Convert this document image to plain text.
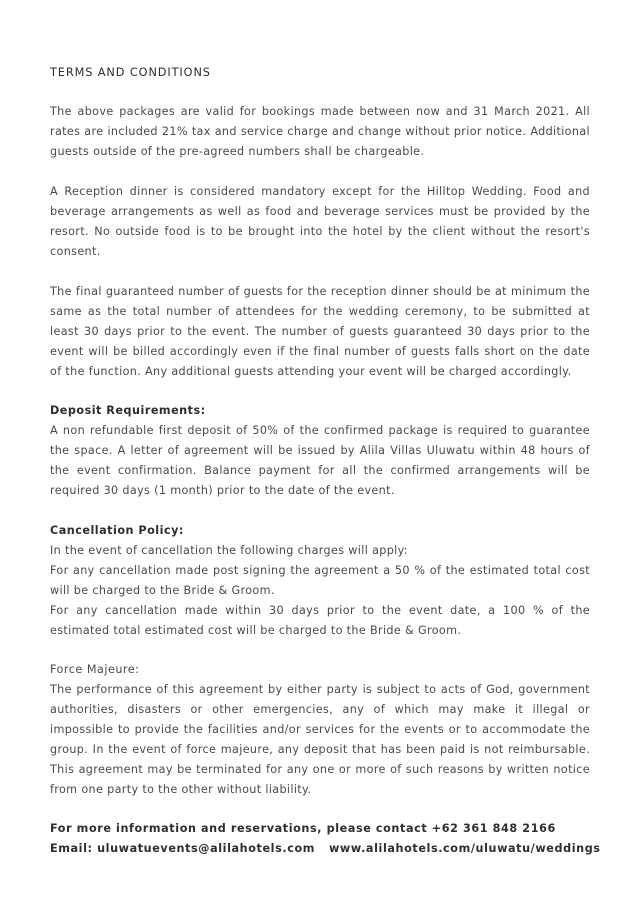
TERMS AND CONDITIONS

The above packages are valid for bookings made between now and 31 March 2021. All rates are included 21% tax and service charge and change without prior notice. Additional guests outside of the pre-agreed numbers shall be chargeable.

A Reception dinner is considered mandatory except for the Hilltop Wedding. Food and beverage arrangements as well as food and beverage services must be provided by the resort. No outside food is to be brought into the hotel by the client without the resort's consent.

The final guaranteed number of guests for the reception dinner should be at minimum the same as the total number of attendees for the wedding ceremony, to be submitted at least 30 days prior to the event. The number of guests guaranteed 30 days prior to the event will be billed accordingly even if the final number of guests falls short on the date of the function. Any additional guests attending your event will be charged accordingly.

Deposit Requirements:

A non refundable first deposit of 50% of the confirmed package is required to guarantee the space. A letter of agreement will be issued by Alila Villas Uluwatu within 48 hours of the event confirmation. Balance payment for all the confirmed arrangements will be required 30 days (1 month) prior to the date of the event.

Cancellation Policy:

In the event of cancellation the following charges will apply:

For any cancellation made post signing the agreement a 50 % of the estimated total cost will be charged to the Bride & Groom.

For any cancellation made within 30 days prior to the event date, a 100 % of the estimated total estimated cost will be charged to the Bride & Groom.

Force Majeure:

The performance of this agreement by either party is subject to acts of God, government authorities, disasters or other emergencies, any of which may make it illegal or impossible to provide the facilities and/or services for the events or to accommodate the group. In the event of force majeure, any deposit that has been paid is not reimbursable. This agreement may be terminated for any one or more of such reasons by written notice from one party to the other without liability.

For more information and reservations, please contact +62 361 848 2166
Email: uluwatuevents@alilahotels.com www.alilahotels.com/uluwatu/weddings
